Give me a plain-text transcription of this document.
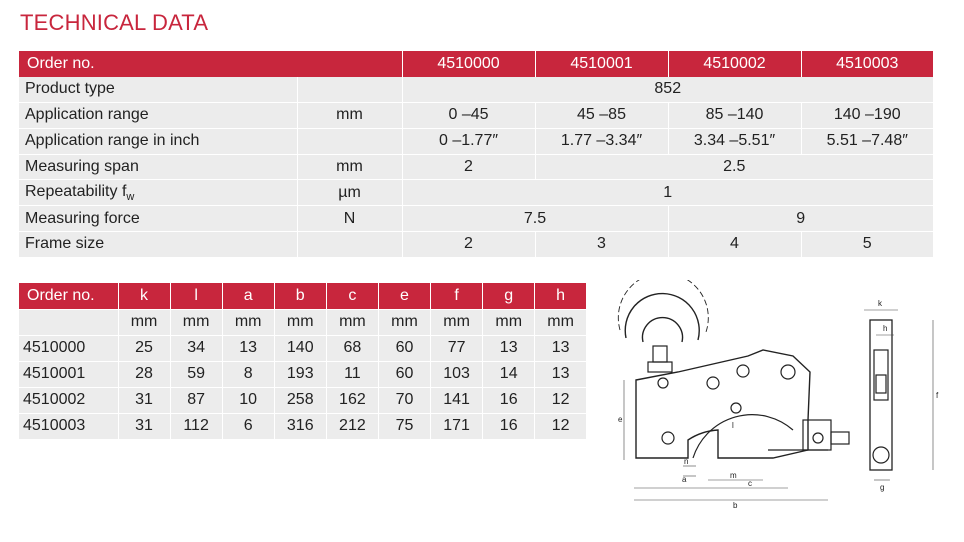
TECHNICAL DATA
Order no.		4510000	4510001	4510002	4510003
Product type		852			
Application range	mm	0 –45	45 –85	85 –140	140 –190
Application range in inch		0 –1.77″	1.77 –3.34″	3.34 –5.51″	5.51 –7.48″
Measuring span	mm	2	2.5		
Repeatability $f_w$	µm	1			
Measuring force	N	7.5		9	
Frame size		2	3	4	5
Order no.	k	l	a	b	c	e	f	g	h
	mm	mm	mm	mm	mm	mm	mm	mm	mm
4510000	25	34	13	140	68	60	77	13	13
4510001	28	59	8	193	11	60	103	14	13
4510002	31	87	10	258	162	70	141	16	12
4510003	31	112	6	316	212	75	171	16	12
k
h
e
f
g
n
a	m
c
b
l
